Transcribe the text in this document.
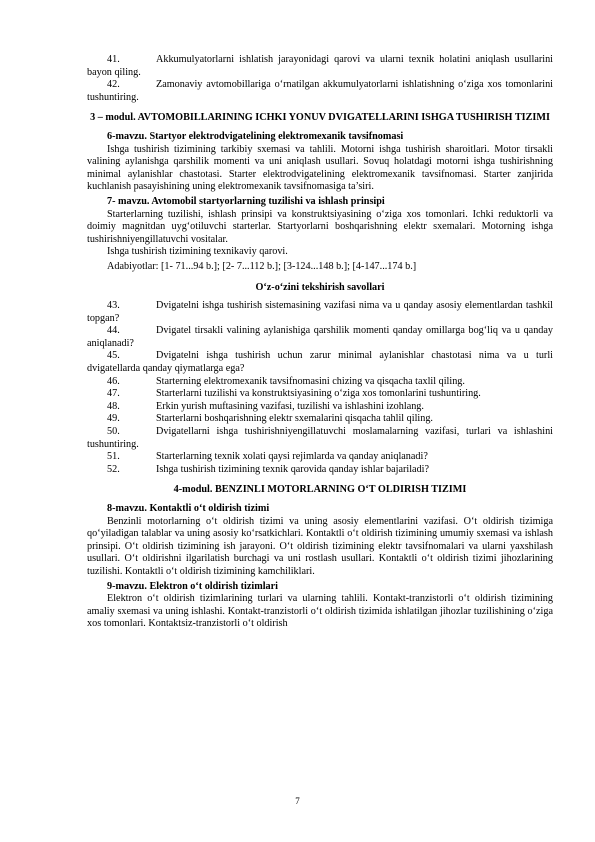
41.	Akkumulyatorlarni ishlatish jarayonidagi qarovi va ularni texnik holatini aniqlash usullarini bayon qiling.
42.	Zamonaviy avtomobillariga o‘rnatilgan akkumulyatorlarni ishlatishning o‘ziga xos tomonlarini tushuntiring.
3 – modul. AVTOMOBILLARINING ICHKI YONUV DVIGATELLARINI ISHGA TUSHIRISH TIZIMI
6-mavzu. Startyor elektrodvigatelining elektromexanik tavsifnomasi
Ishga tushirish tizimining tarkibiy sxemasi va tahlili. Motorni ishga tushirish sharoitlari. Motor tirsakli valining aylanishga qarshilik momenti va uni aniqlash usullari. Sovuq holatdagi motorni ishga tushirishning minimal aylanishlar chastotasi. Starter elektrodvigatelining elektromexanik tavsifnomasi. Starter zanjirida kuchlanish pasayishining uning elektromexanik tavsifnomasiga ta’siri.
7- mavzu. Avtomobil startyorlarning tuzilishi va ishlash prinsipi
Starterlarning tuzilishi, ishlash prinsipi va konstruktsiyasining o‘ziga xos tomonlari. Ichki reduktorli va doimiy magnitdan uyg‘otiluvchi starterlar. Startyorlarni boshqarishning elektr sxemalari. Motorning ishga tushirishniyengillatuvchi vositalar.
Ishga tushirish tizimining texnikaviy qarovi.
Adabiyotlar: [1- 71...94 b.]; [2- 7...112 b.]; [3-124...148 b.]; [4-147...174 b.]
O‘z-o‘zini tekshirish savollari
43.	Dvigatelni ishga tushirish sistemasining vazifasi nima va u qanday asosiy elementlardan tashkil topgan?
44.	Dvigatel tirsakli valining aylanishiga qarshilik momenti qanday omillarga bog‘liq va u qanday aniqlanadi?
45.	Dvigatelni ishga tushirish uchun zarur minimal aylanishlar chastotasi nima va u turli dvigatellarda qanday qiymatlarga ega?
46.	Starterning elektromexanik tavsifnomasini chizing va qisqacha taxlil qiling.
47.	Starterlarni tuzilishi va konstruktsiyasining o‘ziga xos tomonlarini tushuntiring.
48.	Erkin yurish muftasining vazifasi, tuzilishi va ishlashini izohlang.
49.	Starterlarni boshqarishning elektr sxemalarini qisqacha tahlil qiling.
50.	Dvigatellarni ishga tushirishniyengillatuvchi moslamalarning vazifasi, turlari va ishlashini tushuntiring.
51.	Starterlarning texnik xolati qaysi rejimlarda va qanday aniqlanadi?
52.	Ishga tushirish tizimining texnik qarovida qanday ishlar bajariladi?
4-modul. BENZINLI MOTORLARNING O‘T OLDIRISH TIZIMI
8-mavzu. Kontaktli o‘t oldirish tizimi
Benzinli motorlarning o‘t oldirish tizimi va uning asosiy elementlarini vazifasi. O‘t oldirish tizimiga qo‘yiladigan talablar va uning asosiy ko‘rsatkichlari. Kontaktli o‘t oldirish tizimining umumiy sxemasi va ishlash prinsipi. O‘t oldirish tizimining ish jarayoni. O‘t oldirish tizimining elektr tavsifnomalari va ularni yaxshilash usullari. O‘t oldirishni ilgarilatish burchagi va uni rostlash usullari. Kontaktli o‘t oldirish tizimi jihozlarining tuzilishi. Kontaktli o‘t oldirish tizimining kamchiliklari.
9-mavzu. Elektron o‘t oldirish tizimlari
Elektron o‘t oldirish tizimlarining turlari va ularning tahlili. Kontakt-tranzistorli o‘t oldirish tizimining amaliy sxemasi va uning ishlashi. Kontakt-tranzistorli o‘t oldirish tizimida ishlatilgan jihozlar tuzilishining o‘ziga xos tomonlari. Kontaktsiz-tranzistorli o‘t oldirish
7
